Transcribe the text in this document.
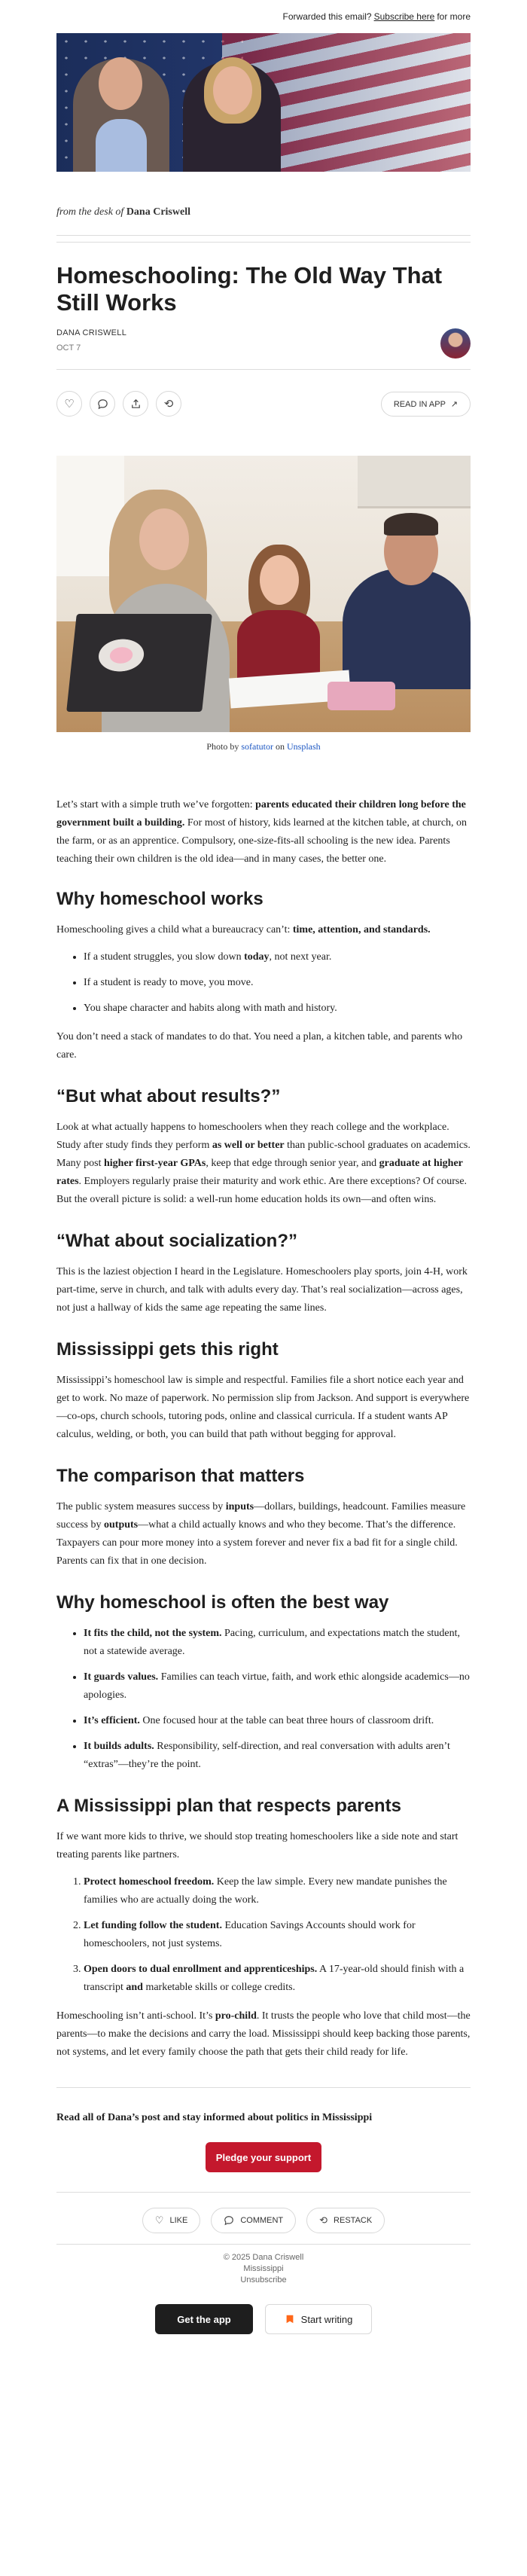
Forwarded this email? Subscribe here for more
from the desk of Dana Criswell
Homeschooling: The Old Way That Still Works
DANA CRISWELL
OCT 7
♡	⟲	READ IN APP ↗
Photo by sofatutor on Unsplash

Let’s start with a simple truth we’ve forgotten: parents educated their children long before the government built a building. For most of history, kids learned at the kitchen table, at church, on the farm, or as an apprentice. Compulsory, one-size-fits-all schooling is the new idea. Parents teaching their own children is the old idea—and in many cases, the better one.

Why homeschool works

Homeschooling gives a child what a bureaucracy can’t: time, attention, and standards.

• If a student struggles, you slow down today, not next year.
• If a student is ready to move, you move.
• You shape character and habits along with math and history.

You don’t need a stack of mandates to do that. You need a plan, a kitchen table, and parents who care.

“But what about results?”

Look at what actually happens to homeschoolers when they reach college and the workplace. Study after study finds they perform as well or better than public-school graduates on academics. Many post higher first-year GPAs, keep that edge through senior year, and graduate at higher rates. Employers regularly praise their maturity and work ethic. Are there exceptions? Of course. But the overall picture is solid: a well-run home education holds its own—and often wins.

“What about socialization?”

This is the laziest objection I heard in the Legislature. Homeschoolers play sports, join 4-H, work part-time, serve in church, and talk with adults every day. That’s real socialization—across ages, not just a hallway of kids the same age repeating the same lines.

Mississippi gets this right

Mississippi’s homeschool law is simple and respectful. Families file a short notice each year and get to work. No maze of paperwork. No permission slip from Jackson. And support is everywhere—co-ops, church schools, tutoring pods, online and classical curricula. If a student wants AP calculus, welding, or both, you can build that path without begging for approval.

The comparison that matters

The public system measures success by inputs—dollars, buildings, headcount. Families measure success by outputs—what a child actually knows and who they become. That’s the difference. Taxpayers can pour more money into a system forever and never fix a bad fit for a single child. Parents can fix that in one decision.

Why homeschool is often the best way
• It fits the child, not the system. Pacing, curriculum, and expectations match the student, not a statewide average.
• It guards values. Families can teach virtue, faith, and work ethic alongside academics—no apologies.
• It’s efficient. One focused hour at the table can beat three hours of classroom drift.
• It builds adults. Responsibility, self-direction, and real conversation with adults aren’t “extras”—they’re the point.
A Mississippi plan that respects parents

If we want more kids to thrive, we should stop treating homeschoolers like a side note and start treating parents like partners.

1. Protect homeschool freedom. Keep the law simple. Every new mandate punishes the families who are actually doing the work.
2. Let funding follow the student. Education Savings Accounts should work for homeschoolers, not just systems.
3. Open doors to dual enrollment and apprenticeships. A 17-year-old should finish with a transcript and marketable skills or college credits.

Homeschooling isn’t anti-school. It’s pro-child. It trusts the people who love that child most—the parents—to make the decisions and carry the load. Mississippi should keep backing those parents, not systems, and let every family choose the path that gets their child ready for life.

Read all of Dana’s post and stay informed about politics in Mississippi

Pledge your support
♡ LIKE	COMMENT	⟲ RESTACK
© 2025 Dana Criswell
Mississippi
Unsubscribe
Get the app	Start writing
